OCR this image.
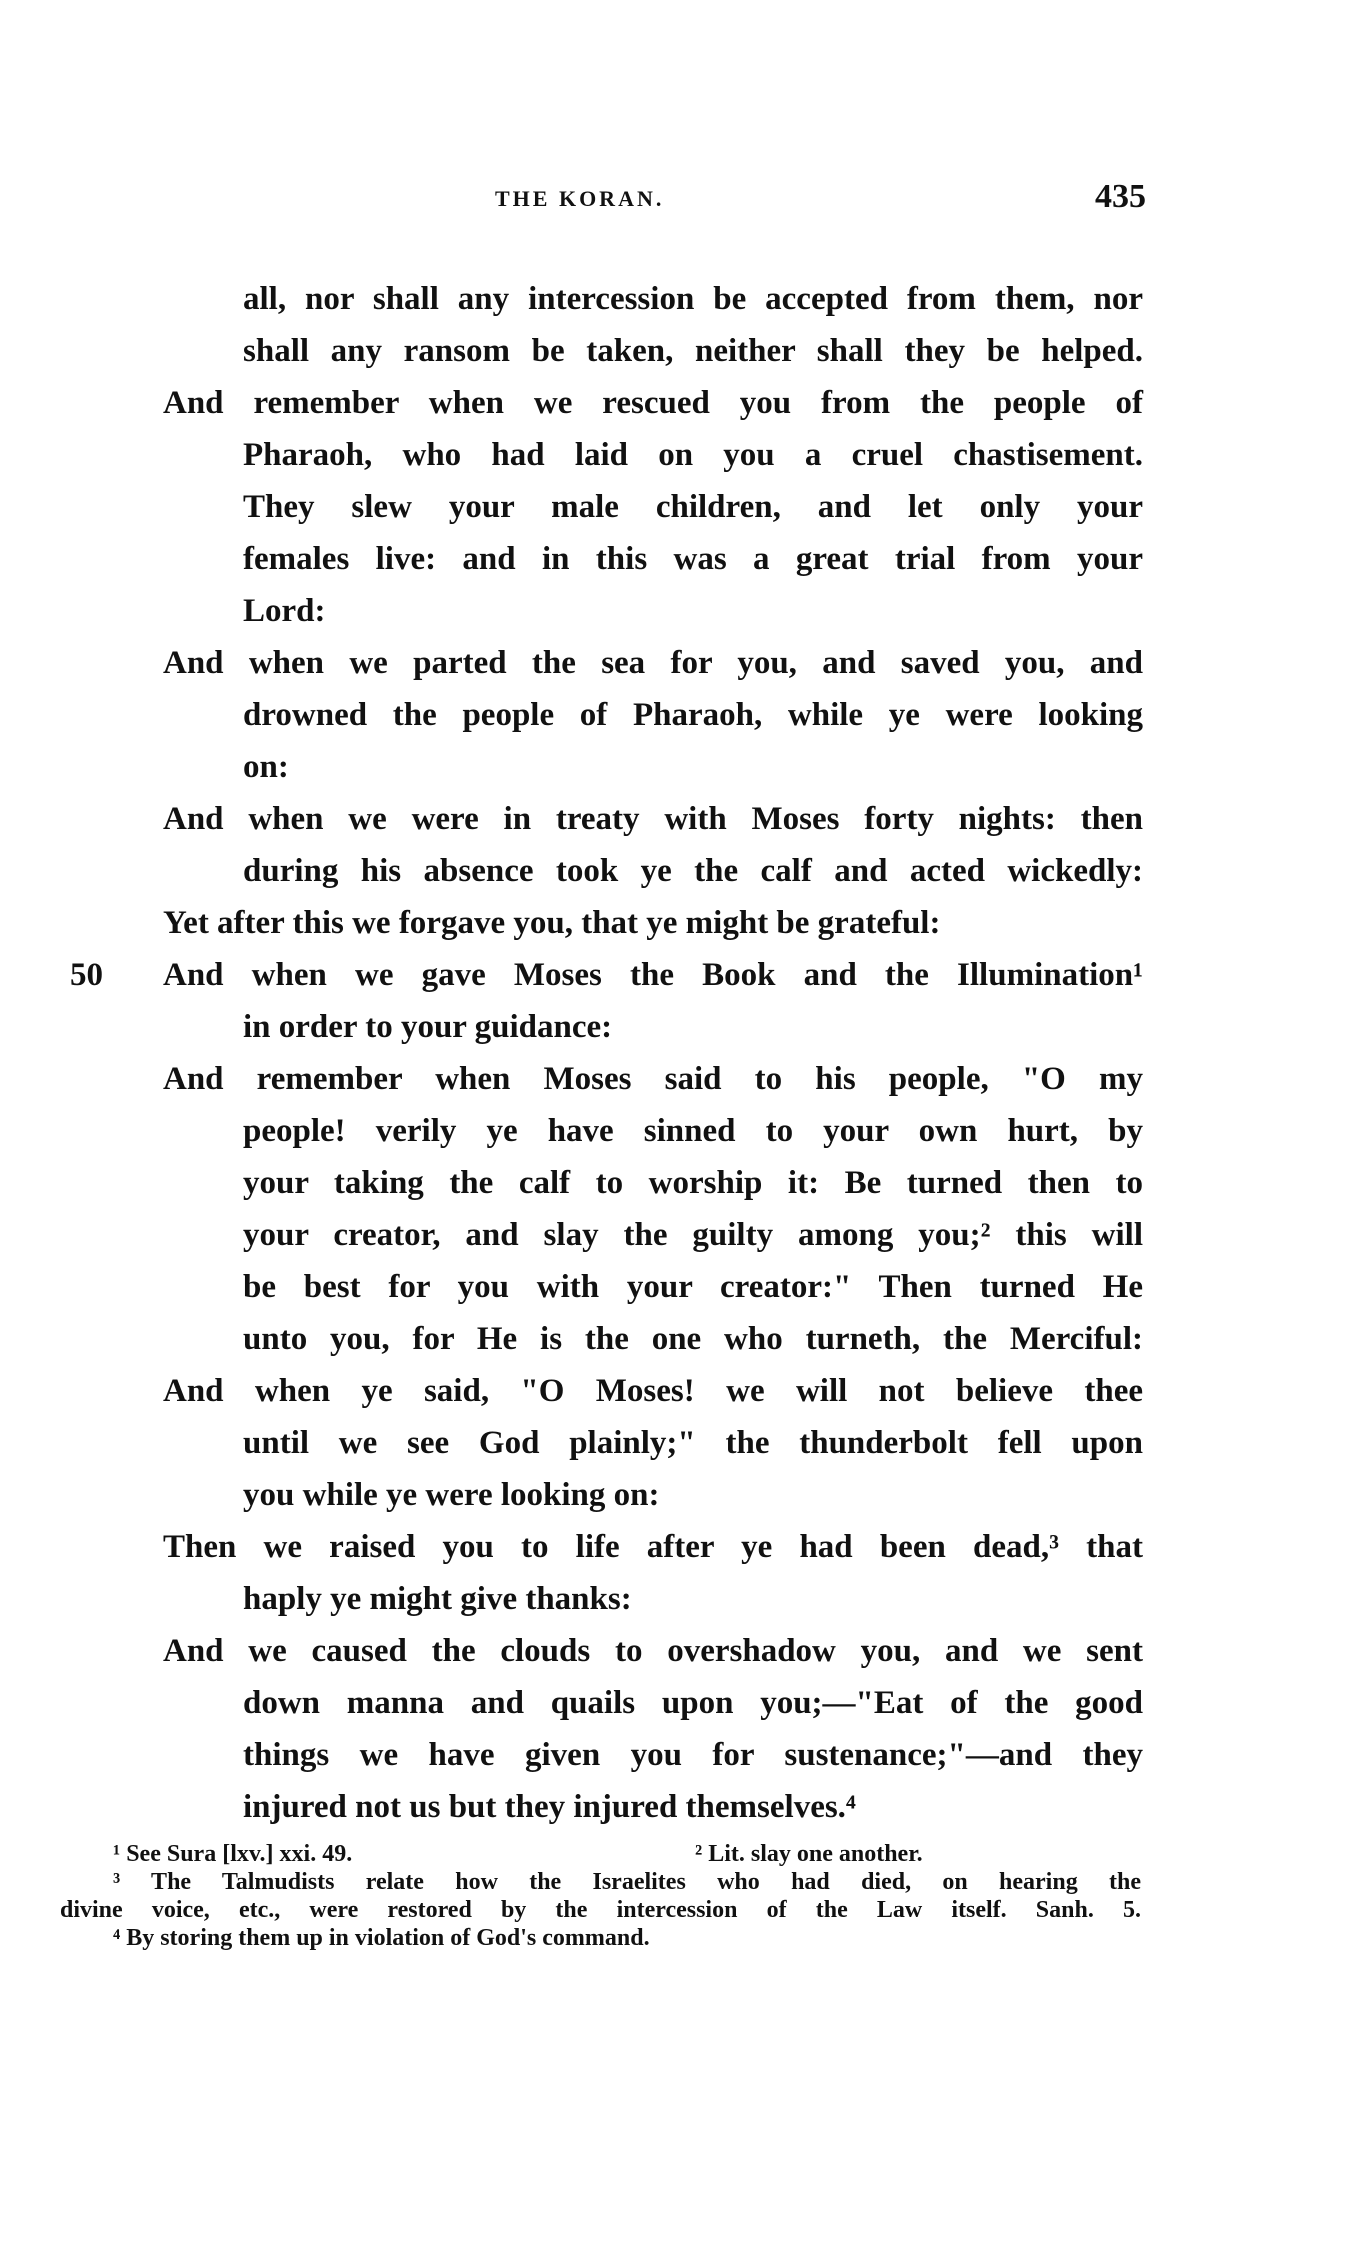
THE KORAN.	435
50
all, nor shall any intercession be accepted from them, nor
shall any ransom be taken, neither shall they be helped.
And remember when we rescued you from the people of
Pharaoh, who had laid on you a cruel chastisement.
They slew your male children, and let only your
females live: and in this was a great trial from your
Lord:
And when we parted the sea for you, and saved you, and
drowned the people of Pharaoh, while ye were looking
on:
And when we were in treaty with Moses forty nights: then
during his absence took ye the calf and acted wickedly:
Yet after this we forgave you, that ye might be grateful:
And when we gave Moses the Book and the Illumination¹
in order to your guidance:
And remember when Moses said to his people, "O my
people! verily ye have sinned to your own hurt, by
your taking the calf to worship it: Be turned then to
your creator, and slay the guilty among you;² this will
be best for you with your creator:" Then turned He
unto you, for He is the one who turneth, the Merciful:
And when ye said, "O Moses! we will not believe thee
until we see God plainly;" the thunderbolt fell upon
you while ye were looking on:
Then we raised you to life after ye had been dead,³ that
haply ye might give thanks:
And we caused the clouds to overshadow you, and we sent
down manna and quails upon you;—"Eat of the good
things we have given you for sustenance;"—and they
injured not us but they injured themselves.⁴
¹ See Sura [lxv.] xxi. 49.	² Lit. slay one another.
³ The Talmudists relate how the Israelites who had died, on hearing the
divine voice, etc., were restored by the intercession of the Law itself. Sanh. 5.
⁴ By storing them up in violation of God's command.
